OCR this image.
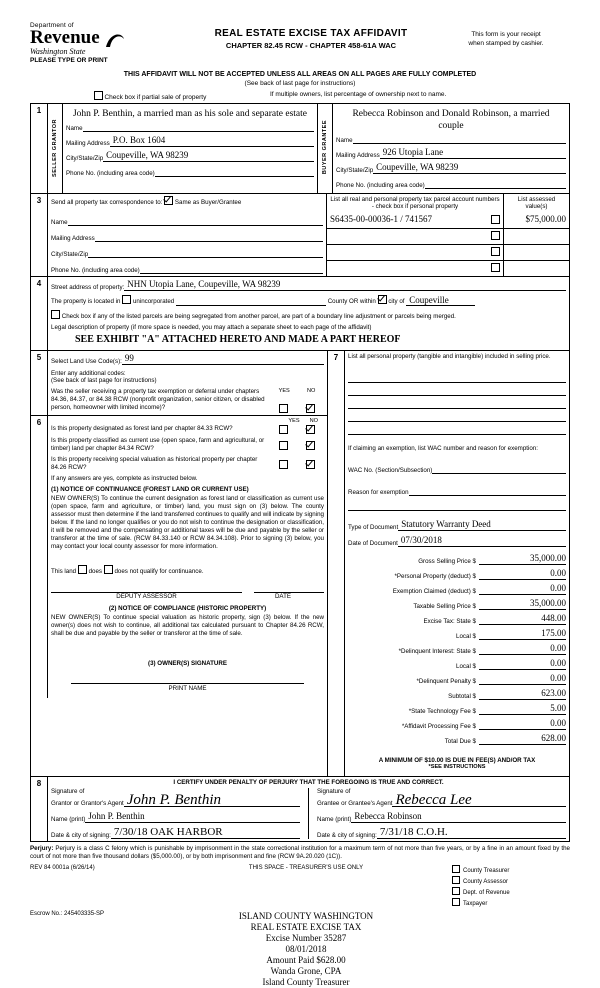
Department of
Revenue
Washington State
PLEASE TYPE OR PRINT
REAL ESTATE EXCISE TAX AFFIDAVIT
CHAPTER 82.45 RCW - CHAPTER 458-61A WAC
This form is your receipt
when stamped by cashier.
THIS AFFIDAVIT WILL NOT BE ACCEPTED UNLESS ALL AREAS ON ALL PAGES ARE FULLY COMPLETED
(See back of last page for instructions)
Check box if partial sale of property	If multiple owners, list percentage of ownership next to name.
1	SELLER GRANTOR	
John P. Benthin, a married man as his sole and separate estate
Name
Mailing Address P.O. Box 1604
City/State/Zip Coupeville, WA 98239
Phone No. (including area code)	BUYER GRANTEE	
Rebecca Robinson and Donald Robinson, a married couple
Name
Mailing Address 926 Utopia Lane
City/State/Zip Coupeville, WA 98239
Phone No. (including area code)
3	Send all property tax correspondence to: Same as Buyer/Grantee	List all real and personal property tax parcel account numbers - check box if personal property	List assessed value(s)

	Name	S6435-00-00036-1 / 741567	$75,000.00

	Mailing Address		

	City/State/Zip		

	Phone No. (including area code)		

4	Street address of property: NHN Utopia Lane, Coupeville, WA 98239
The property is located in unincorporated	County OR within city of Coupeville
Check box if any of the listed parcels are being segregated from another parcel, are part of a boundary line adjustment or parcels being merged.
Legal description of property (if more space is needed, you may attach a separate sheet to each page of the affidavit)
SEE EXHIBIT "A" ATTACHED HERETO AND MADE A PART HEREOF
5	Select Land Use Code(s): 99
Enter any additional codes:
(See back of last page for instructions)
Was the seller receiving a property tax exemption or deferral under chapters 84.36, 84.37, or 84.38 RCW (nonprofit organization, senior citizen, or disabled person, homeowner with limited income)?
YES	NO
6	YES NO
Is this property designated as forest land per chapter 84.33 RCW?
Is this property classified as current use (open space, farm and agricultural, or timber) land per chapter 84.34 RCW?
Is this property receiving special valuation as historical property per chapter 84.26 RCW?
If any answers are yes, complete as instructed below.
(1) NOTICE OF CONTINUANCE (FOREST LAND OR CURRENT USE)
NEW OWNER(S) To continue the current designation as forest land or classification as current use (open space, farm and agriculture, or timber) land, you must sign on (3) below. The county assessor must then determine if the land transferred continues to qualify and will indicate by signing below. If the land no longer qualifies or you do not wish to continue the designation or classification, it will be removed and the compensating or additional taxes will be due and payable by the seller or transferor at the time of sale. (RCW 84.33.140 or RCW 84.34.108). Prior to signing (3) below, you may contact your local county assessor for more information.
This land does does not qualify for continuance.
DEPUTY ASSESSOR	DATE
(2) NOTICE OF COMPLIANCE (HISTORIC PROPERTY)
NEW OWNER(S) To continue special valuation as historic property, sign (3) below. If the new owner(s) does not wish to continue, all additional tax calculated pursuant to Chapter 84.26 RCW, shall be due and payable by the seller or transferor at the time of sale.
(3) OWNER(S) SIGNATURE
PRINT NAME

7	List all personal property (tangible and intangible) included in selling price.
If claiming an exemption, list WAC number and reason for exemption:
WAC No. (Section/Subsection)
Reason for exemption
Type of Document Statutory Warranty Deed
Date of Document 07/30/2018
Gross Selling Price $	35,000.00
*Personal Property (deduct) $	0.00
Exemption Claimed (deduct) $	0.00
Taxable Selling Price $	35,000.00
Excise Tax: State $	448.00
Local $	175.00
*Delinquent Interest: State $	0.00
Local $	0.00
*Delinquent Penalty $	0.00
Subtotal $	623.00
*State Technology Fee $	5.00
*Affidavit Processing Fee $	0.00
Total Due $	628.00
A MINIMUM OF $10.00 IS DUE IN FEE(S) AND/OR TAX
*SEE INSTRUCTIONS
8	I CERTIFY UNDER PENALTY OF PERJURY THAT THE FOREGOING IS TRUE AND CORRECT.
Signature of
Grantor or Grantor's Agent John P. Benthin
Name (print) John P. Benthin
Date & city of signing: 7/30/18 OAK HARBOR
Signature of
Grantee or Grantee's Agent Rebecca Lee
Name (print) Rebecca Robinson
Date & city of signing: 7/31/18 C.O.H.
Perjury: Perjury is a class C felony which is punishable by imprisonment in the state correctional institution for a maximum term of not more than five years, or by a fine in an amount fixed by the court of not more than five thousand dollars ($5,000.00), or by both imprisonment and fine (RCW 9A.20.020 (1C)).
REV 84 0001a (6/26/14)	THIS SPACE - TREASURER'S USE ONLY	County Treasurer
County Assessor
Dept. of Revenue
Taxpayer
Escrow No.: 245403335-SP	ISLAND COUNTY WASHINGTON
REAL ESTATE EXCISE TAX
Excise Number 35287
08/01/2018
Amount Paid $628.00
Wanda Grone, CPA
Island County Treasurer
